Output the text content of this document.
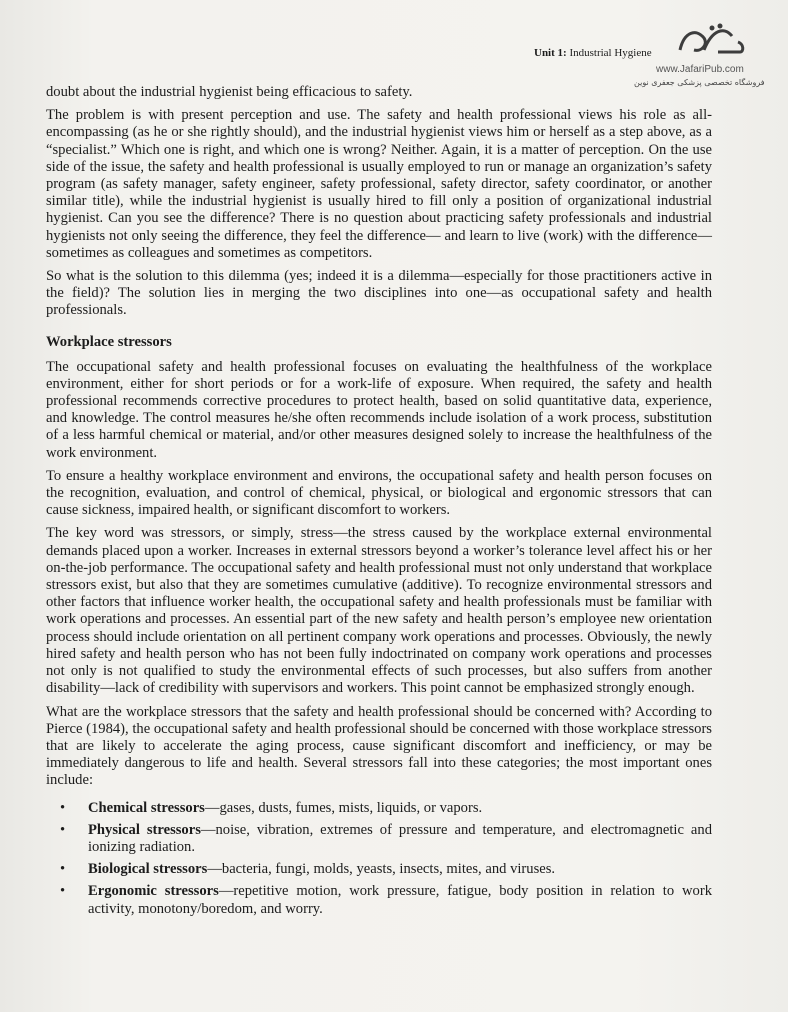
Unit 1: Industrial Hygiene
www.JafariPub.com
فروشگاه تخصصی پزشکی جعفری نوین

doubt about the industrial hygienist being efficacious to safety.

The problem is with present perception and use. The safety and health professional views his role as all-encompassing (as he or she rightly should), and the industrial hygienist views him or herself as a step above, as a “specialist.” Which one is right, and which one is wrong? Neither. Again, it is a matter of perception. On the use side of the issue, the safety and health professional is usually employed to run or manage an organization’s safety program (as safety manager, safety engineer, safety professional, safety director, safety coordinator, or another similar title), while the industrial hygienist is usually hired to fill only a position of organizational industrial hygienist. Can you see the difference? There is no question about practicing safety professionals and industrial hygienists not only seeing the difference, they feel the difference— and learn to live (work) with the difference—sometimes as colleagues and sometimes as competitors.

So what is the solution to this dilemma (yes; indeed it is a dilemma—especially for those practitioners active in the field)? The solution lies in merging the two disciplines into one—as occupational safety and health professionals.

Workplace stressors

The occupational safety and health professional focuses on evaluating the healthfulness of the workplace environment, either for short periods or for a work-life of exposure. When required, the safety and health professional recommends corrective procedures to protect health, based on solid quantitative data, experience, and knowledge. The control measures he/she often recommends include isolation of a work process, substitution of a less harmful chemical or material, and/or other measures designed solely to increase the healthfulness of the work environment.

To ensure a healthy workplace environment and environs, the occupational safety and health person focuses on the recognition, evaluation, and control of chemical, physical, or biological and ergonomic stressors that can cause sickness, impaired health, or significant discomfort to workers.

The key word was stressors, or simply, stress—the stress caused by the workplace external environmental demands placed upon a worker. Increases in external stressors beyond a worker’s tolerance level affect his or her on-the-job performance. The occupational safety and health professional must not only understand that workplace stressors exist, but also that they are sometimes cumulative (additive). To recognize environmental stressors and other factors that influence worker health, the occupational safety and health professionals must be familiar with work operations and processes. An essential part of the new safety and health person’s employee new orientation process should include orientation on all pertinent company work operations and processes. Obviously, the newly hired safety and health person who has not been fully indoctrinated on company work operations and processes not only is not qualified to study the environmental effects of such processes, but also suffers from another disability—lack of credibility with supervisors and workers. This point cannot be emphasized strongly enough.

What are the workplace stressors that the safety and health professional should be concerned with? According to Pierce (1984), the occupational safety and health professional should be concerned with those workplace stressors that are likely to accelerate the aging process, cause significant discomfort and inefficiency, or may be immediately dangerous to life and health. Several stressors fall into these categories; the most important ones include:

• Chemical stressors—gases, dusts, fumes, mists, liquids, or vapors.
• Physical stressors—noise, vibration, extremes of pressure and temperature, and electromagnetic and ionizing radiation.
• Biological stressors—bacteria, fungi, molds, yeasts, insects, mites, and viruses.
• Ergonomic stressors—repetitive motion, work pressure, fatigue, body position in relation to work activity, monotony/boredom, and worry.
